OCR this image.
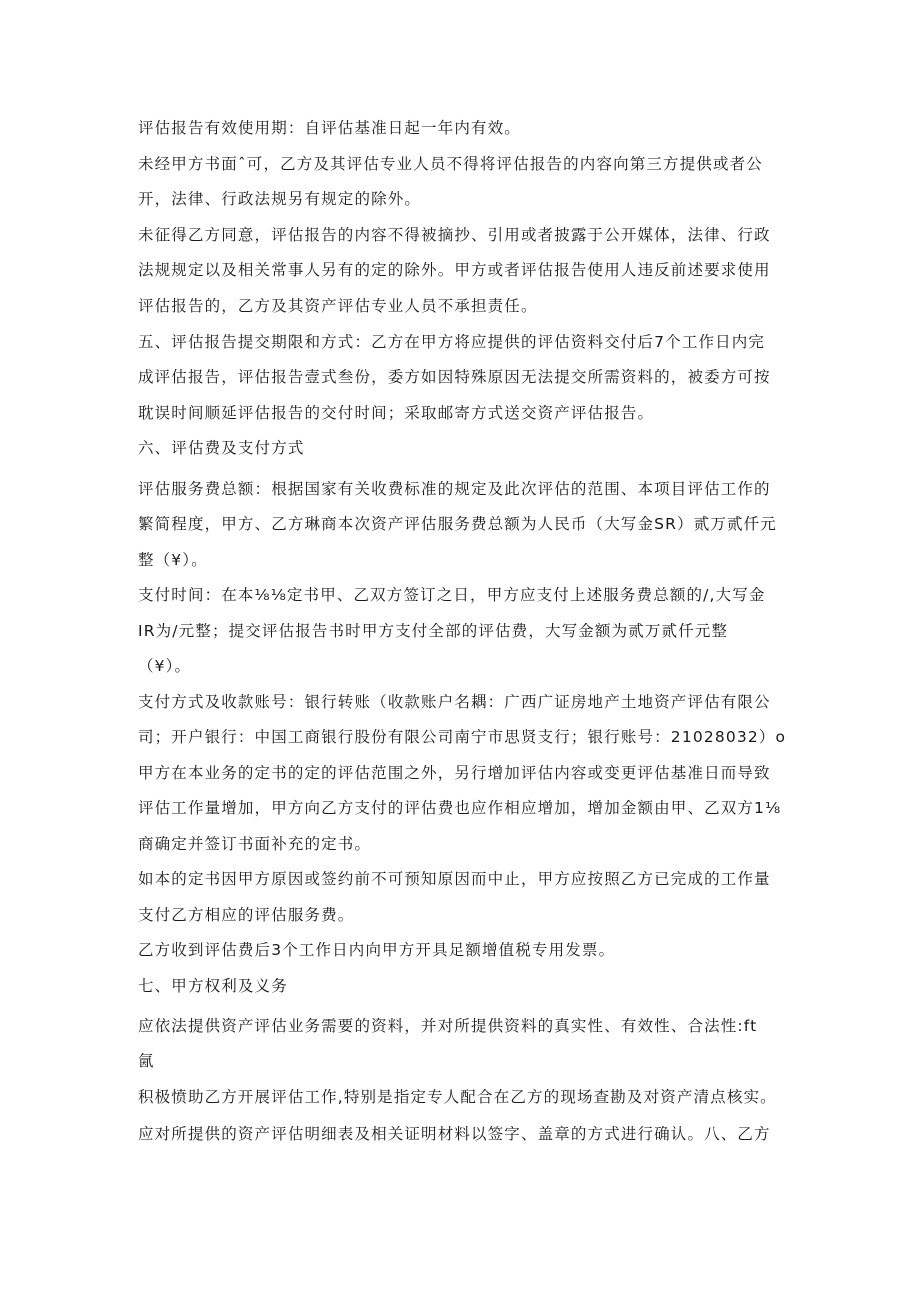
评估报告有效使用期：自评估基准日起一年内有效。

未经甲方书面ˆ可，乙方及其评估专业人员不得将评估报告的内容向第三方提供或者公

开，法律、行政法规另有规定的除外。

未征得乙方同意，评估报告的内容不得被摘抄、引用或者披露于公开媒体，法律、行政

法规规定以及相关常事人另有的定的除外。甲方或者评估报告使用人违反前述要求使用

评估报告的，乙方及其资产评估专业人员不承担责任。

五、评估报告提交期限和方式：乙方在甲方将应提供的评估资料交付后7个工作日内完

成评估报告，评估报告壹式叁份，委方如因特殊原因无法提交所需资料的，被委方可按

耽误时间顺延评估报告的交付时间；采取邮寄方式送交资产评估报告。

六、评估费及支付方式

评估服务费总额：根据国家有关收费标准的规定及此次评估的范围、本项目评估工作的

繁简程度，甲方、乙方琳商本次资产评估服务费总额为人民币（大写金SR）贰万贰仟元

整（¥）。

支付时间：在本⅛⅛定书甲、乙双方签订之日，甲方应支付上述服务费总额的/,大写金

IR为/元整；提交评估报告书时甲方支付全部的评估费，大写金额为贰万贰仟元整

（¥）。

支付方式及收款账号：银行转账（收款账户名耦：广西广证房地产土地资产评估有限公

司；开户银行：中国工商银行股份有限公司南宁市思贤支行；银行账号：21028032）o

甲方在本业务的定书的定的评估范围之外，另行增加评估内容或变更评估基准日而导致

评估工作量增加，甲方向乙方支付的评估费也应作相应增加，增加金额由甲、乙双方1⅛

商确定并签订书面补充的定书。

如本的定书因甲方原因或签约前不可预知原因而中止，甲方应按照乙方已完成的工作量

支付乙方相应的评估服务费。

乙方收到评估费后3个工作日内向甲方开具足额增值税专用发票。

七、甲方权利及义务

应依法提供资产评估业务需要的资料，并对所提供资料的真实性、有效性、合法性:ft

氤

积极愤助乙方开展评估工作,特别是指定专人配合在乙方的现场查勘及对资产清点核实。

应对所提供的资产评估明细表及相关证明材料以签字、盖章的方式进行确认。八、乙方
